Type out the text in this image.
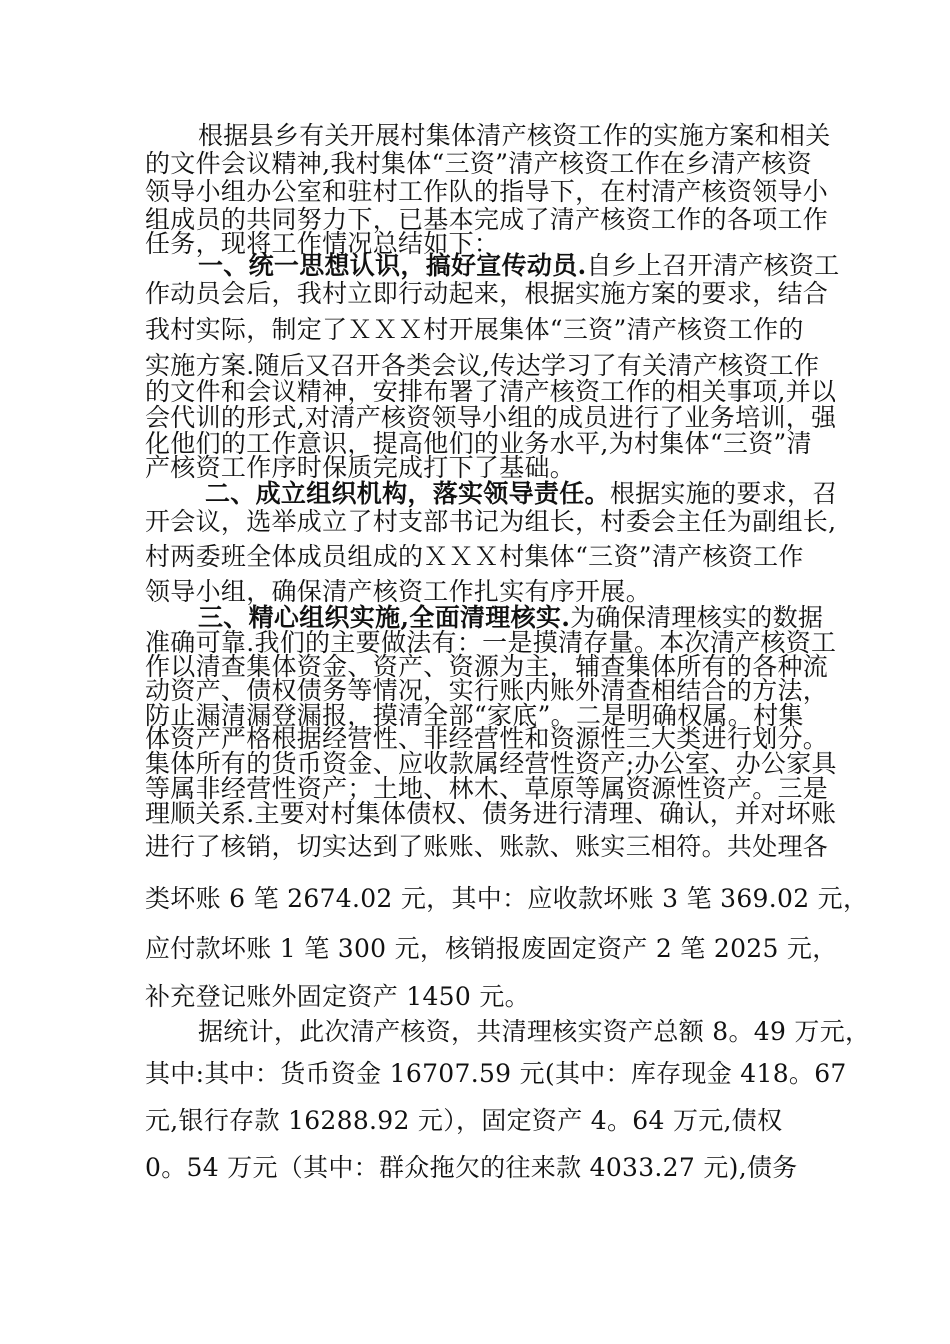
根据县乡有关开展村集体清产核资工作的实施方案和相关
的文件会议精神,我村集体“三资”清产核资工作在乡清产核资
领导小组办公室和驻村工作队的指导下，在村清产核资领导小
组成员的共同努力下，已基本完成了清产核资工作的各项工作
任务，现将工作情况总结如下：
一、统一思想认识，搞好宣传动员.自乡上召开清产核资工
作动员会后，我村立即行动起来，根据实施方案的要求，结合
我村实际，制定了ＸＸＸ村开展集体“三资”清产核资工作的
实施方案.随后又召开各类会议,传达学习了有关清产核资工作
的文件和会议精神，安排布署了清产核资工作的相关事项,并以
会代训的形式,对清产核资领导小组的成员进行了业务培训，强
化他们的工作意识，提高他们的业务水平,为村集体“三资”清
产核资工作序时保质完成打下了基础。
二、成立组织机构，落实领导责任。根据实施的要求，召
开会议，选举成立了村支部书记为组长，村委会主任为副组长,
村两委班全体成员组成的ＸＸＸ村集体“三资”清产核资工作
领导小组，确保清产核资工作扎实有序开展。
三、精心组织实施,全面清理核实.为确保清理核实的数据
准确可靠.我们的主要做法有：一是摸清存量。本次清产核资工
作以清查集体资金、资产、资源为主，辅查集体所有的各种流
动资产、债权债务等情况，实行账内账外清查相结合的方法，
防止漏清漏登漏报，摸清全部“家底”。二是明确权属。村集
体资产严格根据经营性、非经营性和资源性三大类进行划分。
集体所有的货币资金、应收款属经营性资产;办公室、办公家具
等属非经营性资产；土地、林木、草原等属资源性资产。三是
理顺关系.主要对村集体债权、债务进行清理、确认，并对坏账
进行了核销，切实达到了账账、账款、账实三相符。共处理各
类坏账 6 笔 2674.02 元，其中：应收款坏账 3 笔 369.02 元，
应付款坏账 1 笔 300 元，核销报废固定资产 2 笔 2025 元，
补充登记账外固定资产 1450 元。
据统计，此次清产核资，共清理核实资产总额 8。49 万元，
其中:其中：货币资金 16707.59 元(其中：库存现金 418。67
元,银行存款 16288.92 元），固定资产 4。64 万元,债权
0。54 万元（其中：群众拖欠的往来款 4033.27 元),债务
